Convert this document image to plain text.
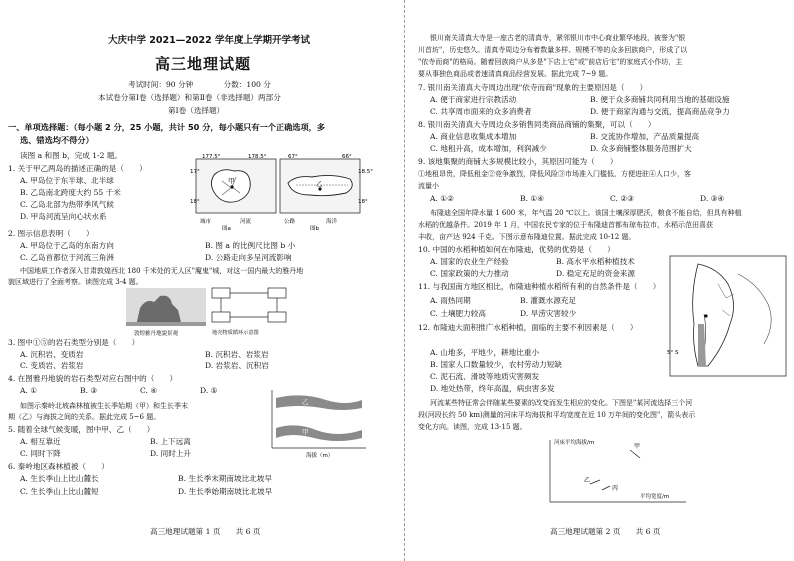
大庆中学 2021—2022 学年度上学期开学考试
高三地理试题
考试时间：90 分钟　　　　分数：100 分
本试卷分第Ⅰ卷（选择题）和第Ⅱ卷（非选择题）两部分
第Ⅰ卷（选择题）
一、单项选择题：（每小题 2 分，25 小题，共计 50 分，每小题只有一个正确选项，多
选、错选均不得分）
读图 a 和图 b，完成 1-2 题。	177.5°	178.5°	67°	66°
17°
18°
18.5°
18°
甲	乙
城市	河流	公路	海洋
图a	图b
1. 关于甲乙两岛的描述正确的是（　　）
A. 甲岛位于东半球、北半球
B. 乙岛南北跨度大约 55 千米
C. 乙岛北部为热带季风气候
D. 甲岛河流呈向心状水系
2. 图示信息表明（　　）
A. 甲岛位于乙岛的东南方向	B. 图 a 的比例尺比图 b 小
C. 乙岛首都位于河流三角洲	D. 公路走向多呈河流影响
中国地质工作者深入甘肃敦煌西北 180 千米处的无人区"魔鬼"城，对这一国内最大的雅丹地
貌区域进行了全面考察。读图完成 3-4 题。
敦煌雅丹地貌景观	地壳物质循环示意图
3. 图中①⑤的岩石类型分别是（　　）
A. 沉积岩、变质岩	B. 沉积岩、岩浆岩
C. 变质岩、岩浆岩	D. 岩浆岩、沉积岩
4. 在图雅丹地貌的岩石类型对应右图中的（　　）
A. ①	B. ③	C. ④	D. ⑤
如图示秦岭北坡森林植被生长季始期（甲）和生长季末
期（乙）与海拔之间的关系。据此完成 5~6 题。
乙
甲
海拔（m）
5. 随着全球气候变暖，图中甲、乙（　　）
A. 相互靠近	B. 上下远离
C. 同时下降	D. 同时上升
6. 秦岭地区森林植被（　　）
A. 生长季山上比山麓长	B. 生长季末期南坡比北坡早
C. 生长季山上比山麓短	D. 生长季始期南坡比北坡早
高三地理试题第 1 页　　共 6 页
银川南关清真大寺是一座古老的清真寺，紧邻银川市中心商业繁华地段，被誉为"银
川首坊"，历史悠久。清真寺周边分布着数量多样、规模不等的众多回族商户，形成了以
"依寺而商"的格局。随着回族商户从多是"下店上宅"或"前店后宅"的家庭式小作坊，主
要从事独色商品或者速清真商品经营发展。据此完成 7~9 题。
7. 银川南关清真大寺周边出现"依寺而商"现象的主要原因是（　　）
A. 便于商家进行宗教活动	B. 便于众多商铺共同利用当地的基础设施
C. 共享周市面来的众多消费者	D. 便于商家沟通与交流，提高商品竞争力
8. 银川南关清真大寺周边众多销售同类商品商铺的集聚，可以（　　）
A. 商业信息收集成本增加	B. 交流协作增加，产品质量提高
C. 地租升高，成本增加，利润减少	D. 众多商铺整体服务范围扩大
9. 该地集聚的商铺大多规模比较小，其原因可能为（　　）
①地租昂贵，降低租金②竞争激烈，降低风险③市场准入门槛低，方便进驻④人口少，客
流量小
A. ①②	B. ①④	C. ②③	D. ③④
布隆迪全国年降水量 1 600 米，年气温 20 ℃以上。该国土壤深厚肥沃，粮食不能自给，但具有种植
水稻的优越条件。2019 年 1 月，中国农民专家的位于布隆迪首都布琼布拉市，水稻示范田喜获
丰收，亩产达 924 千克。下图示意布隆迪位置。据此完成 10-12 题。
10. 中国的水稻种植如何在布隆迪，优势的优势是（　　）
A. 国家的农业生产经验	B. 高水平水稻种植技术
C. 国家政策的大力推动	D. 稳定充足的资金来源
5° S
11. 与我国南方地区相比，布隆迪种植水稻所有利的自然条件是（　　）
A. 雨热同期	B. 灌溉水源充足
C. 土壤肥力较高	D. 旱涝灾害较少
12. 布隆迪大面积推广水稻种植，面临的主要不利因素是（　　）
A. 山地多，平地少，耕地比重小
B. 国家人口数量较少，农村劳动力短缺
C. 泥石流、滑坡等地质灾害频发
D. 地处热带，终年高温，病虫害多发
河流某些特征常会伴随某些要素的改变而发生相应的变化。下图是"某河流选择三个河
段(河段长约 50 km)测量的河床平均海拔和平均宽度在近 10 万年间的变化图"，箭头表示
变化方向。读图，完成 13-15 题。
河床平均海拔/m
平均宽度/m
甲
乙
丙
高三地理试题第 2 页　　共 6 页
